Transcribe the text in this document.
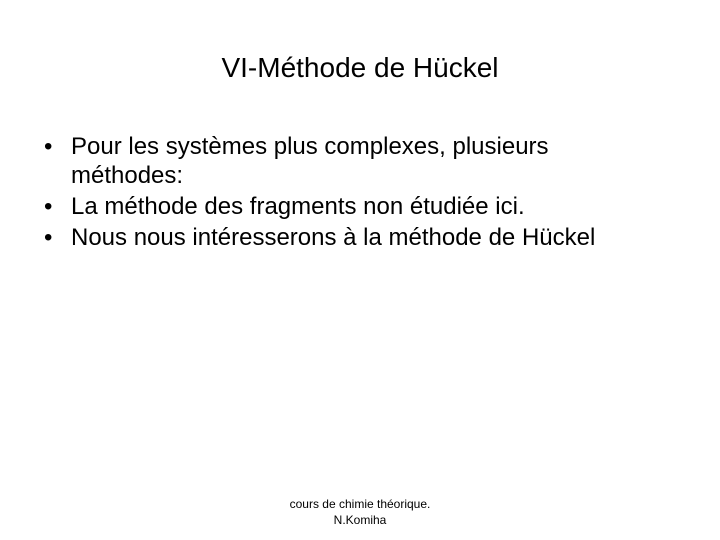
VI-Méthode de Hückel
• Pour les systèmes plus complexes, plusieurs méthodes:
• La méthode des fragments non étudiée ici.
• Nous nous intéresserons à la méthode de Hückel
cours de chimie théorique.
N.Komiha
